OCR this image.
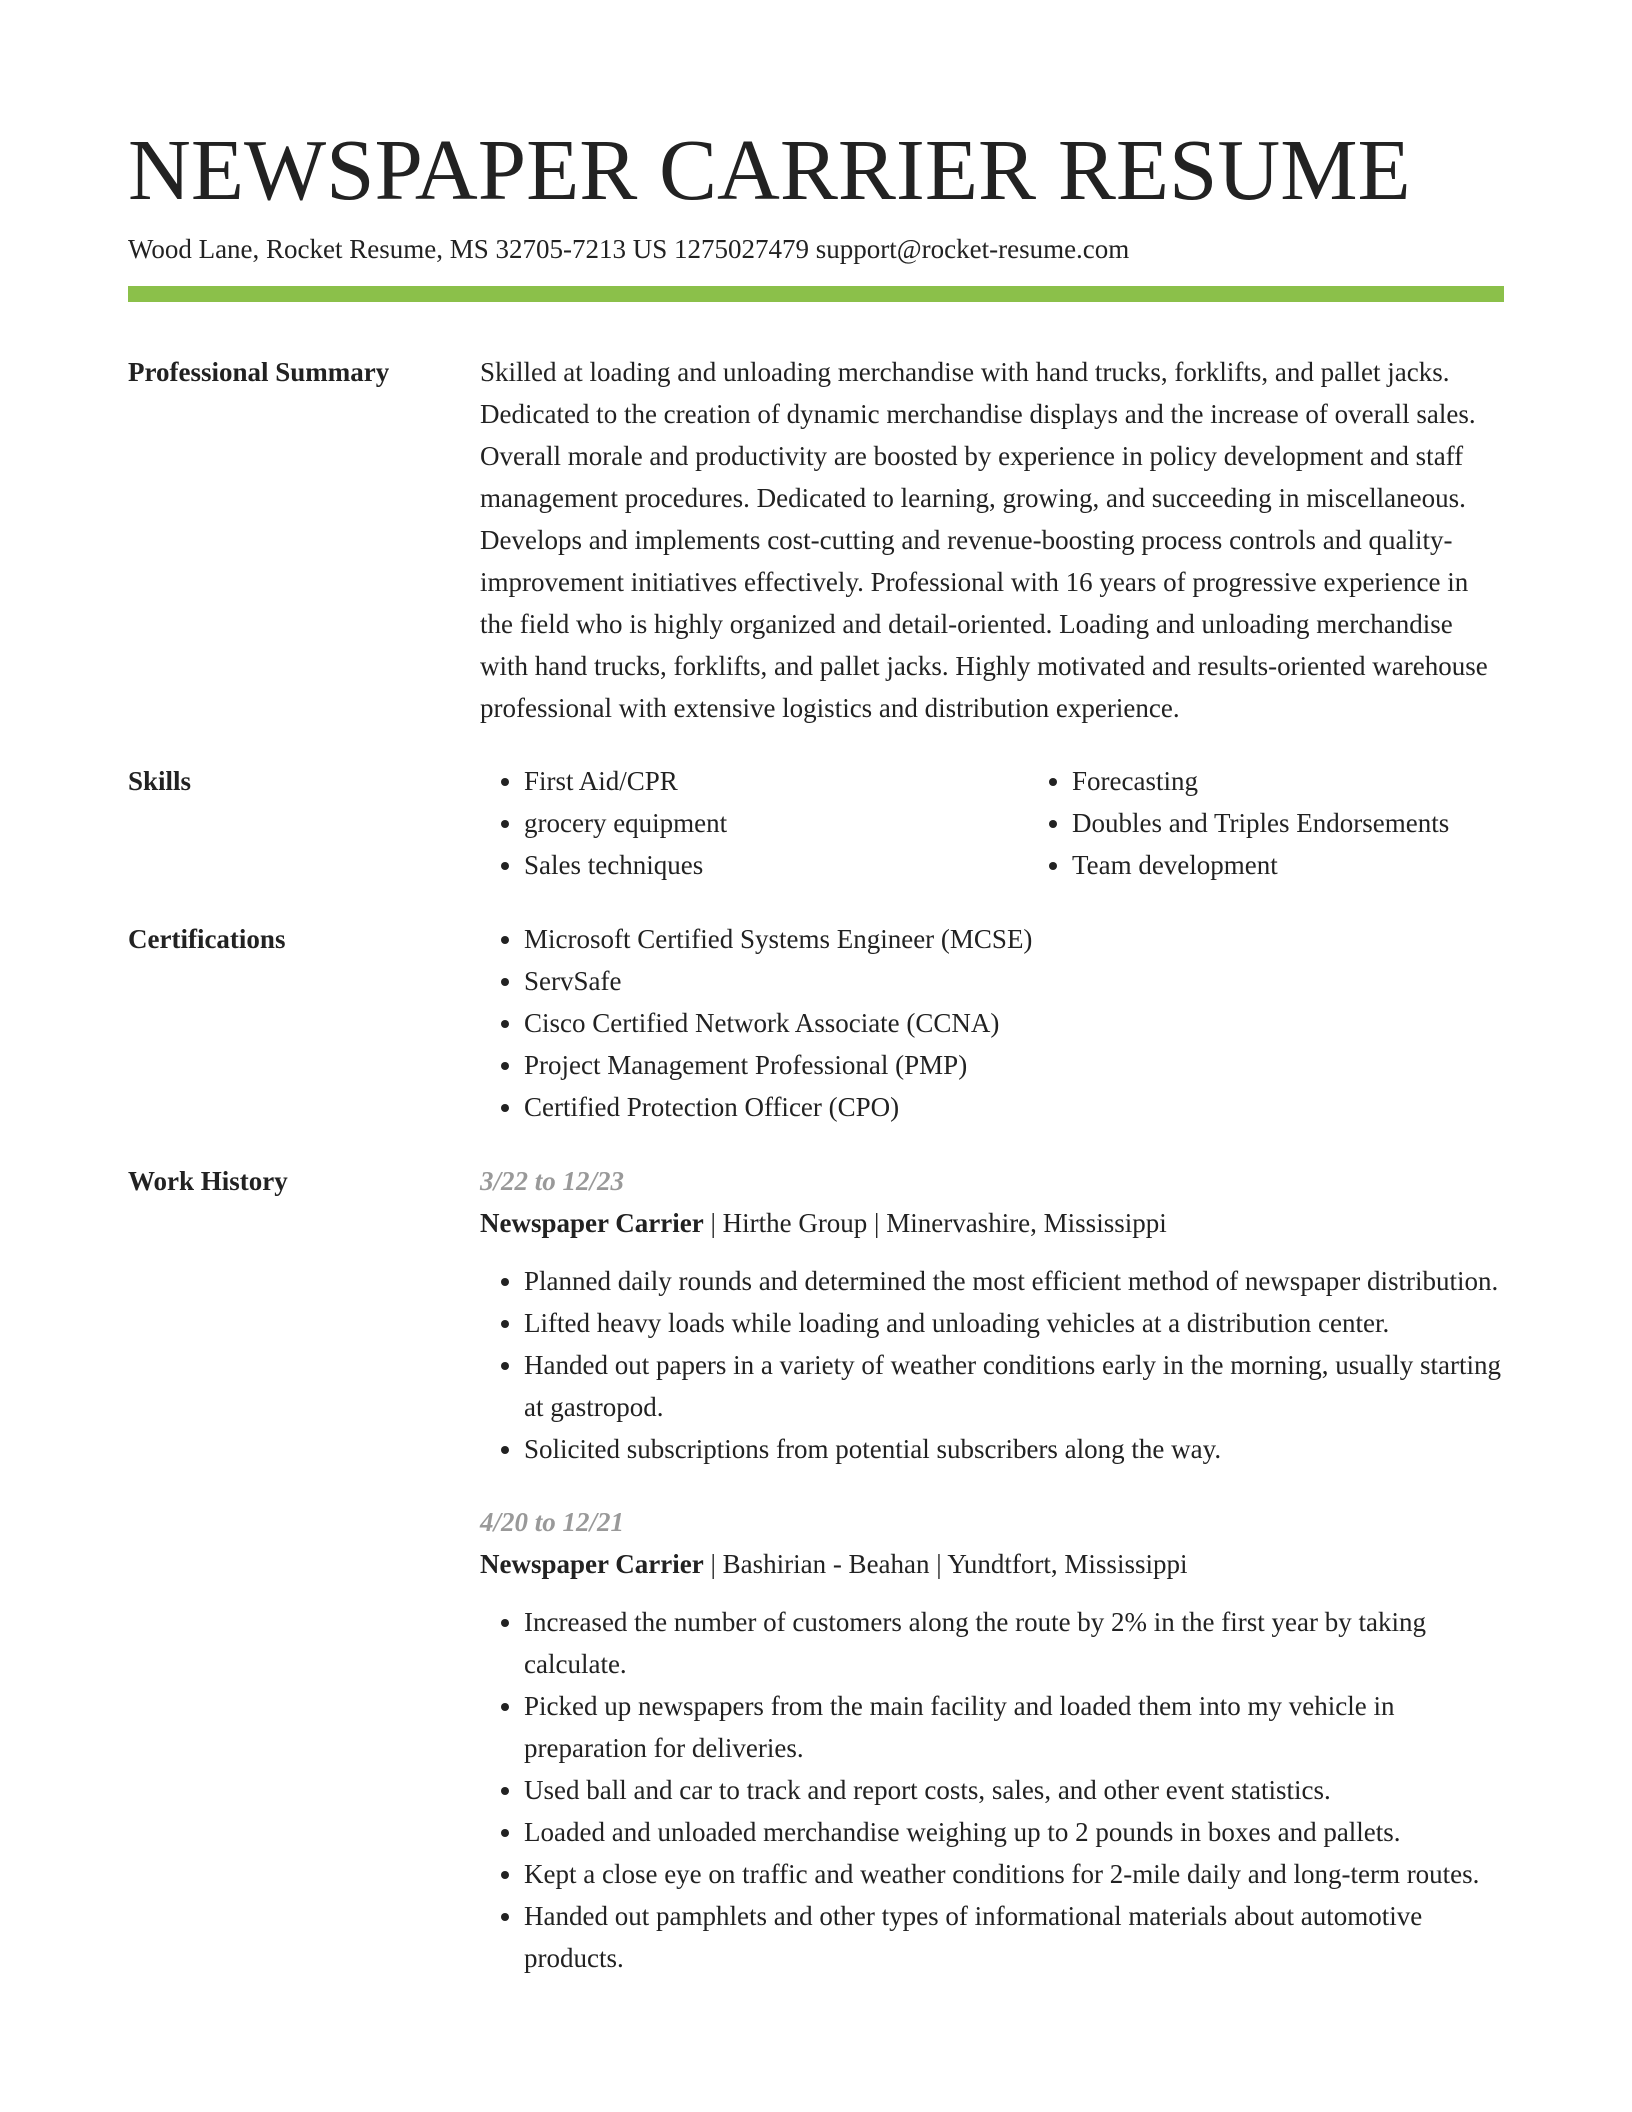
NEWSPAPER CARRIER RESUME
Wood Lane, Rocket Resume, MS 32705-7213 US 1275027479 support@rocket-resume.com
Professional Summary	Skilled at loading and unloading merchandise with hand trucks, forklifts, and pallet jacks. Dedicated to the creation of dynamic merchandise displays and the increase of overall sales. Overall morale and productivity are boosted by experience in policy development and staff management procedures. Dedicated to learning, growing, and succeeding in miscellaneous. Develops and implements cost-cutting and revenue-boosting process controls and quality-improvement initiatives effectively. Professional with 16 years of progressive experience in the field who is highly organized and detail-oriented. Loading and unloading merchandise with hand trucks, forklifts, and pallet jacks. Highly motivated and results-oriented warehouse professional with extensive logistics and distribution experience.

Skills	• First Aid/CPR
• grocery equipment
• Sales techniques
• Forecasting
• Doubles and Triples Endorsements
• Team development
Certifications	• Microsoft Certified Systems Engineer (MCSE)
• ServSafe
• Cisco Certified Network Associate (CCNA)
• Project Management Professional (PMP)
• Certified Protection Officer (CPO)
Work History	3/22 to 12/23
Newspaper Carrier | Hirthe Group | Minervashire, Mississippi
• Planned daily rounds and determined the most efficient method of newspaper distribution.
• Lifted heavy loads while loading and unloading vehicles at a distribution center.
• Handed out papers in a variety of weather conditions early in the morning, usually starting at gastropod.
• Solicited subscriptions from potential subscribers along the way.
4/20 to 12/21
Newspaper Carrier | Bashirian - Beahan | Yundtfort, Mississippi
• Increased the number of customers along the route by 2% in the first year by taking calculate.
• Picked up newspapers from the main facility and loaded them into my vehicle in preparation for deliveries.
• Used ball and car to track and report costs, sales, and other event statistics.
• Loaded and unloaded merchandise weighing up to 2 pounds in boxes and pallets.
• Kept a close eye on traffic and weather conditions for 2-mile daily and long-term routes.
• Handed out pamphlets and other types of informational materials about automotive products.
